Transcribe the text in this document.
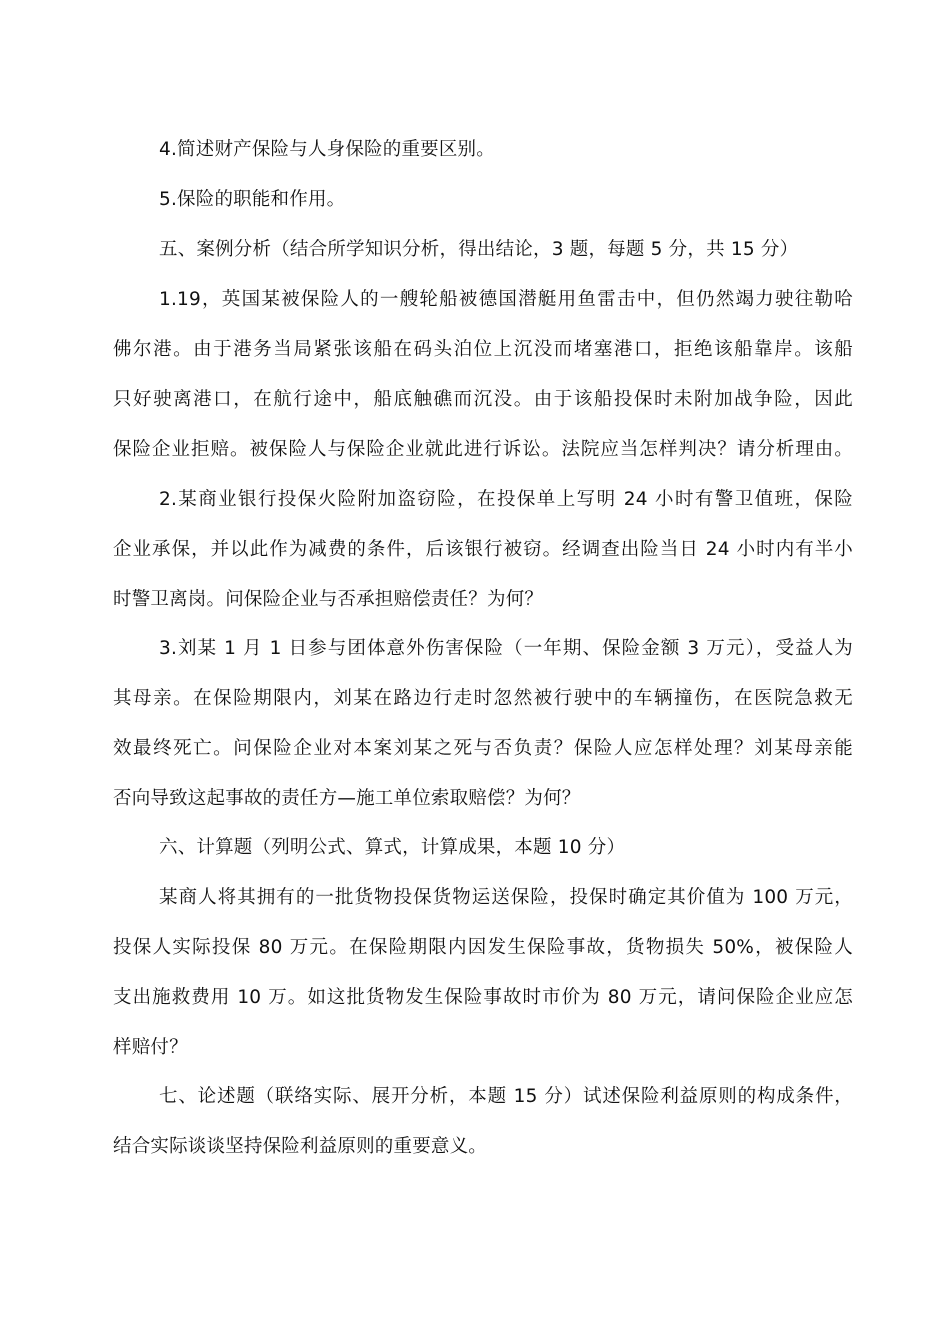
4.简述财产保险与人身保险的重要区别。
5.保险的职能和作用。
五、案例分析（结合所学知识分析，得出结论，3 题，每题 5 分，共 15 分）
1.19，英国某被保险人的一艘轮船被德国潜艇用鱼雷击中，但仍然竭力驶往勒哈
佛尔港。由于港务当局紧张该船在码头泊位上沉没而堵塞港口，拒绝该船靠岸。该船
只好驶离港口，在航行途中，船底触礁而沉没。由于该船投保时未附加战争险，因此
保险企业拒赔。被保险人与保险企业就此进行诉讼。法院应当怎样判决？请分析理由。
2.某商业银行投保火险附加盗窃险，在投保单上写明 24 小时有警卫值班，保险
企业承保，并以此作为减费的条件，后该银行被窃。经调查出险当日 24 小时内有半小
时警卫离岗。问保险企业与否承担赔偿责任？为何？
3.刘某 1 月 1 日参与团体意外伤害保险（一年期、保险金额 3 万元），受益人为
其母亲。在保险期限内，刘某在路边行走时忽然被行驶中的车辆撞伤，在医院急救无
效最终死亡。问保险企业对本案刘某之死与否负责？保险人应怎样处理？刘某母亲能
否向导致这起事故的责任方—施工单位索取赔偿？为何？
六、计算题（列明公式、算式，计算成果，本题 10 分）
某商人将其拥有的一批货物投保货物运送保险，投保时确定其价值为 100 万元，
投保人实际投保 80 万元。在保险期限内因发生保险事故，货物损失 50%，被保险人
支出施救费用 10 万。如这批货物发生保险事故时市价为 80 万元，请问保险企业应怎
样赔付？
七、论述题（联络实际、展开分析，本题 15 分）试述保险利益原则的构成条件，
结合实际谈谈坚持保险利益原则的重要意义。
